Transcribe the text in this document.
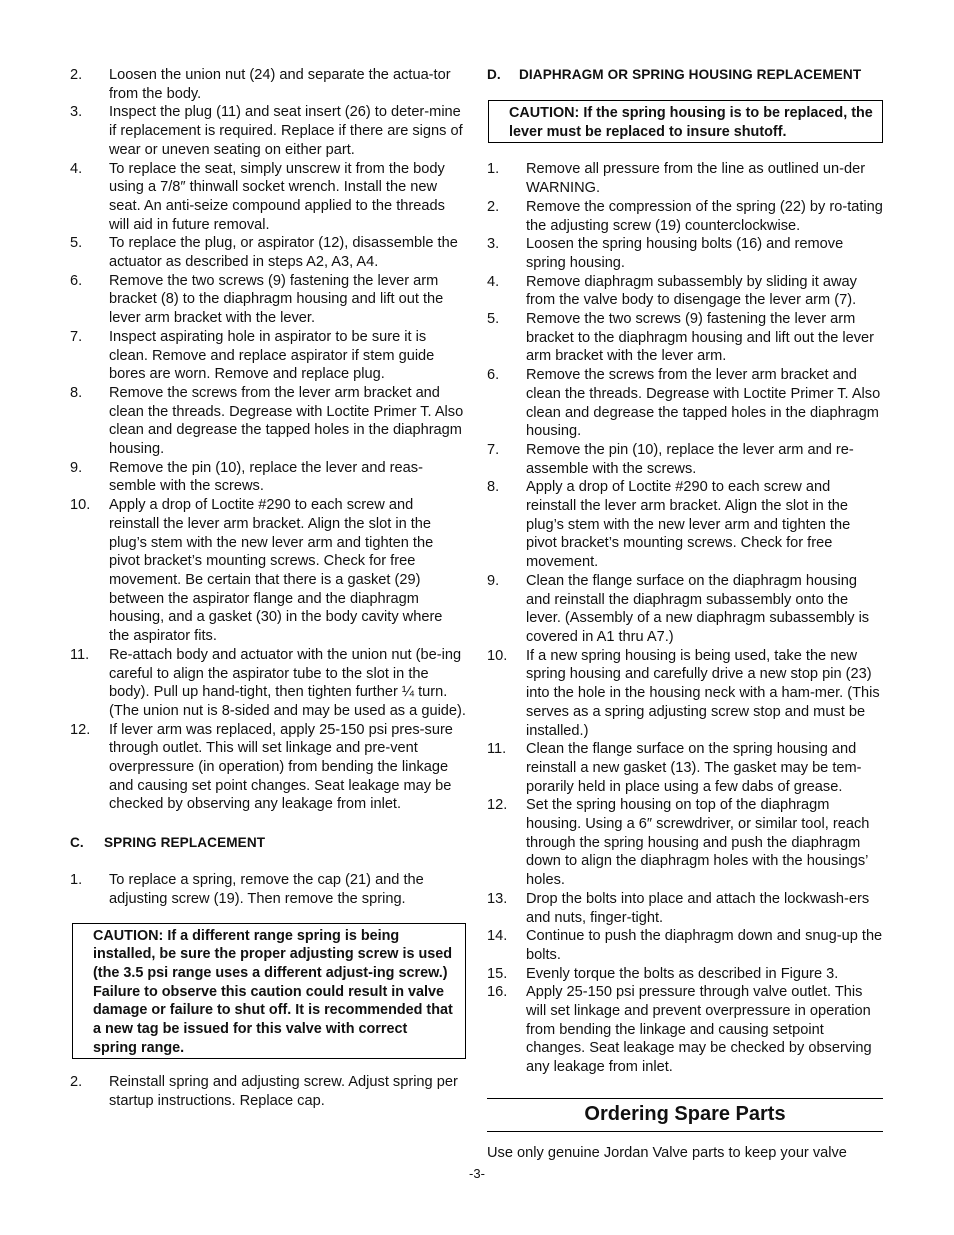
2. Loosen the union nut (24) and separate the actua-tor from the body.
3. Inspect the plug (11) and seat insert (26) to deter-mine if replacement is required. Replace if there are signs of wear or uneven seating on either part.
4. To replace the seat, simply unscrew it from the body using a 7/8″ thinwall socket wrench. Install the new seat. An anti-seize compound applied to the threads will aid in future removal.
5. To replace the plug, or aspirator (12), disassemble the actuator as described in steps A2, A3, A4.
6. Remove the two screws (9) fastening the lever arm bracket (8) to the diaphragm housing and lift out the lever arm bracket with the lever.
7. Inspect aspirating hole in aspirator to be sure it is clean. Remove and replace aspirator if stem guide bores are worn. Remove and replace plug.
8. Remove the screws from the lever arm bracket and clean the threads. Degrease with Loctite Primer T. Also clean and degrease the tapped holes in the diaphragm housing.
9. Remove the pin (10), replace the lever and reas-semble with the screws.
10. Apply a drop of Loctite #290 to each screw and reinstall the lever arm bracket. Align the slot in the plug’s stem with the new lever arm and tighten the pivot bracket’s mounting screws. Check for free movement. Be certain that there is a gasket (29) between the aspirator flange and the diaphragm housing, and a gasket (30) in the body cavity where the aspirator fits.
11. Re-attach body and actuator with the union nut (be-ing careful to align the aspirator tube to the slot in the body). Pull up hand-tight, then tighten further ¼ turn. (The union nut is 8-sided and may be used as a guide).
12. If lever arm was replaced, apply 25-150 psi pres-sure through outlet. This will set linkage and pre-vent overpressure (in operation) from bending the linkage and causing set point changes. Seat leakage may be checked by observing any leakage from inlet.

C. SPRING REPLACEMENT

1. To replace a spring, remove the cap (21) and the adjusting screw (19). Then remove the spring.
CAUTION: If a different range spring is being installed, be sure the proper adjusting screw is used (the 3.5 psi range uses a different adjust-ing screw.) Failure to observe this caution could result in valve damage or failure to shut off. It is recommended that a new tag be issued for this valve with correct spring range.
2. Reinstall spring and adjusting screw. Adjust spring per startup instructions. Replace cap.

D. DIAPHRAGM OR SPRING HOUSING REPLACEMENT

CAUTION: If the spring housing is to be replaced, the lever must be replaced to insure shutoff.
1. Remove all pressure from the line as outlined un-der WARNING.
2. Remove the compression of the spring (22) by ro-tating the adjusting screw (19) counterclockwise.
3. Loosen the spring housing bolts (16) and remove spring housing.
4. Remove diaphragm subassembly by sliding it away from the valve body to disengage the lever arm (7).
5. Remove the two screws (9) fastening the lever arm bracket to the diaphragm housing and lift out the lever arm bracket with the lever arm.
6. Remove the screws from the lever arm bracket and clean the threads. Degrease with Loctite Primer T. Also clean and degrease the tapped holes in the diaphragm housing.
7. Remove the pin (10), replace the lever arm and re-assemble with the screws.
8. Apply a drop of Loctite #290 to each screw and reinstall the lever arm bracket. Align the slot in the plug’s stem with the new lever arm and tighten the pivot bracket’s mounting screws. Check for free movement.
9. Clean the flange surface on the diaphragm housing and reinstall the diaphragm subassembly onto the lever. (Assembly of a new diaphragm subassembly is covered in A1 thru A7.)
10. If a new spring housing is being used, take the new spring housing and carefully drive a new stop pin (23) into the hole in the housing neck with a ham-mer. (This serves as a spring adjusting screw stop and must be installed.)
11. Clean the flange surface on the spring housing and reinstall a new gasket (13). The gasket may be tem-porarily held in place using a few dabs of grease.
12. Set the spring housing on top of the diaphragm housing. Using a 6″ screwdriver, or similar tool, reach through the spring housing and push the diaphragm down to align the diaphragm holes with the housings’ holes.
13. Drop the bolts into place and attach the lockwash-ers and nuts, finger-tight.
14. Continue to push the diaphragm down and snug-up the bolts.
15. Evenly torque the bolts as described in Figure 3.
16. Apply 25-150 psi pressure through valve outlet. This will set linkage and prevent overpressure in operation from bending the linkage and causing setpoint changes. Seat leakage may be checked by observing any leakage from inlet.
Ordering Spare Parts

Use only genuine Jordan Valve parts to keep your valve

-3-
